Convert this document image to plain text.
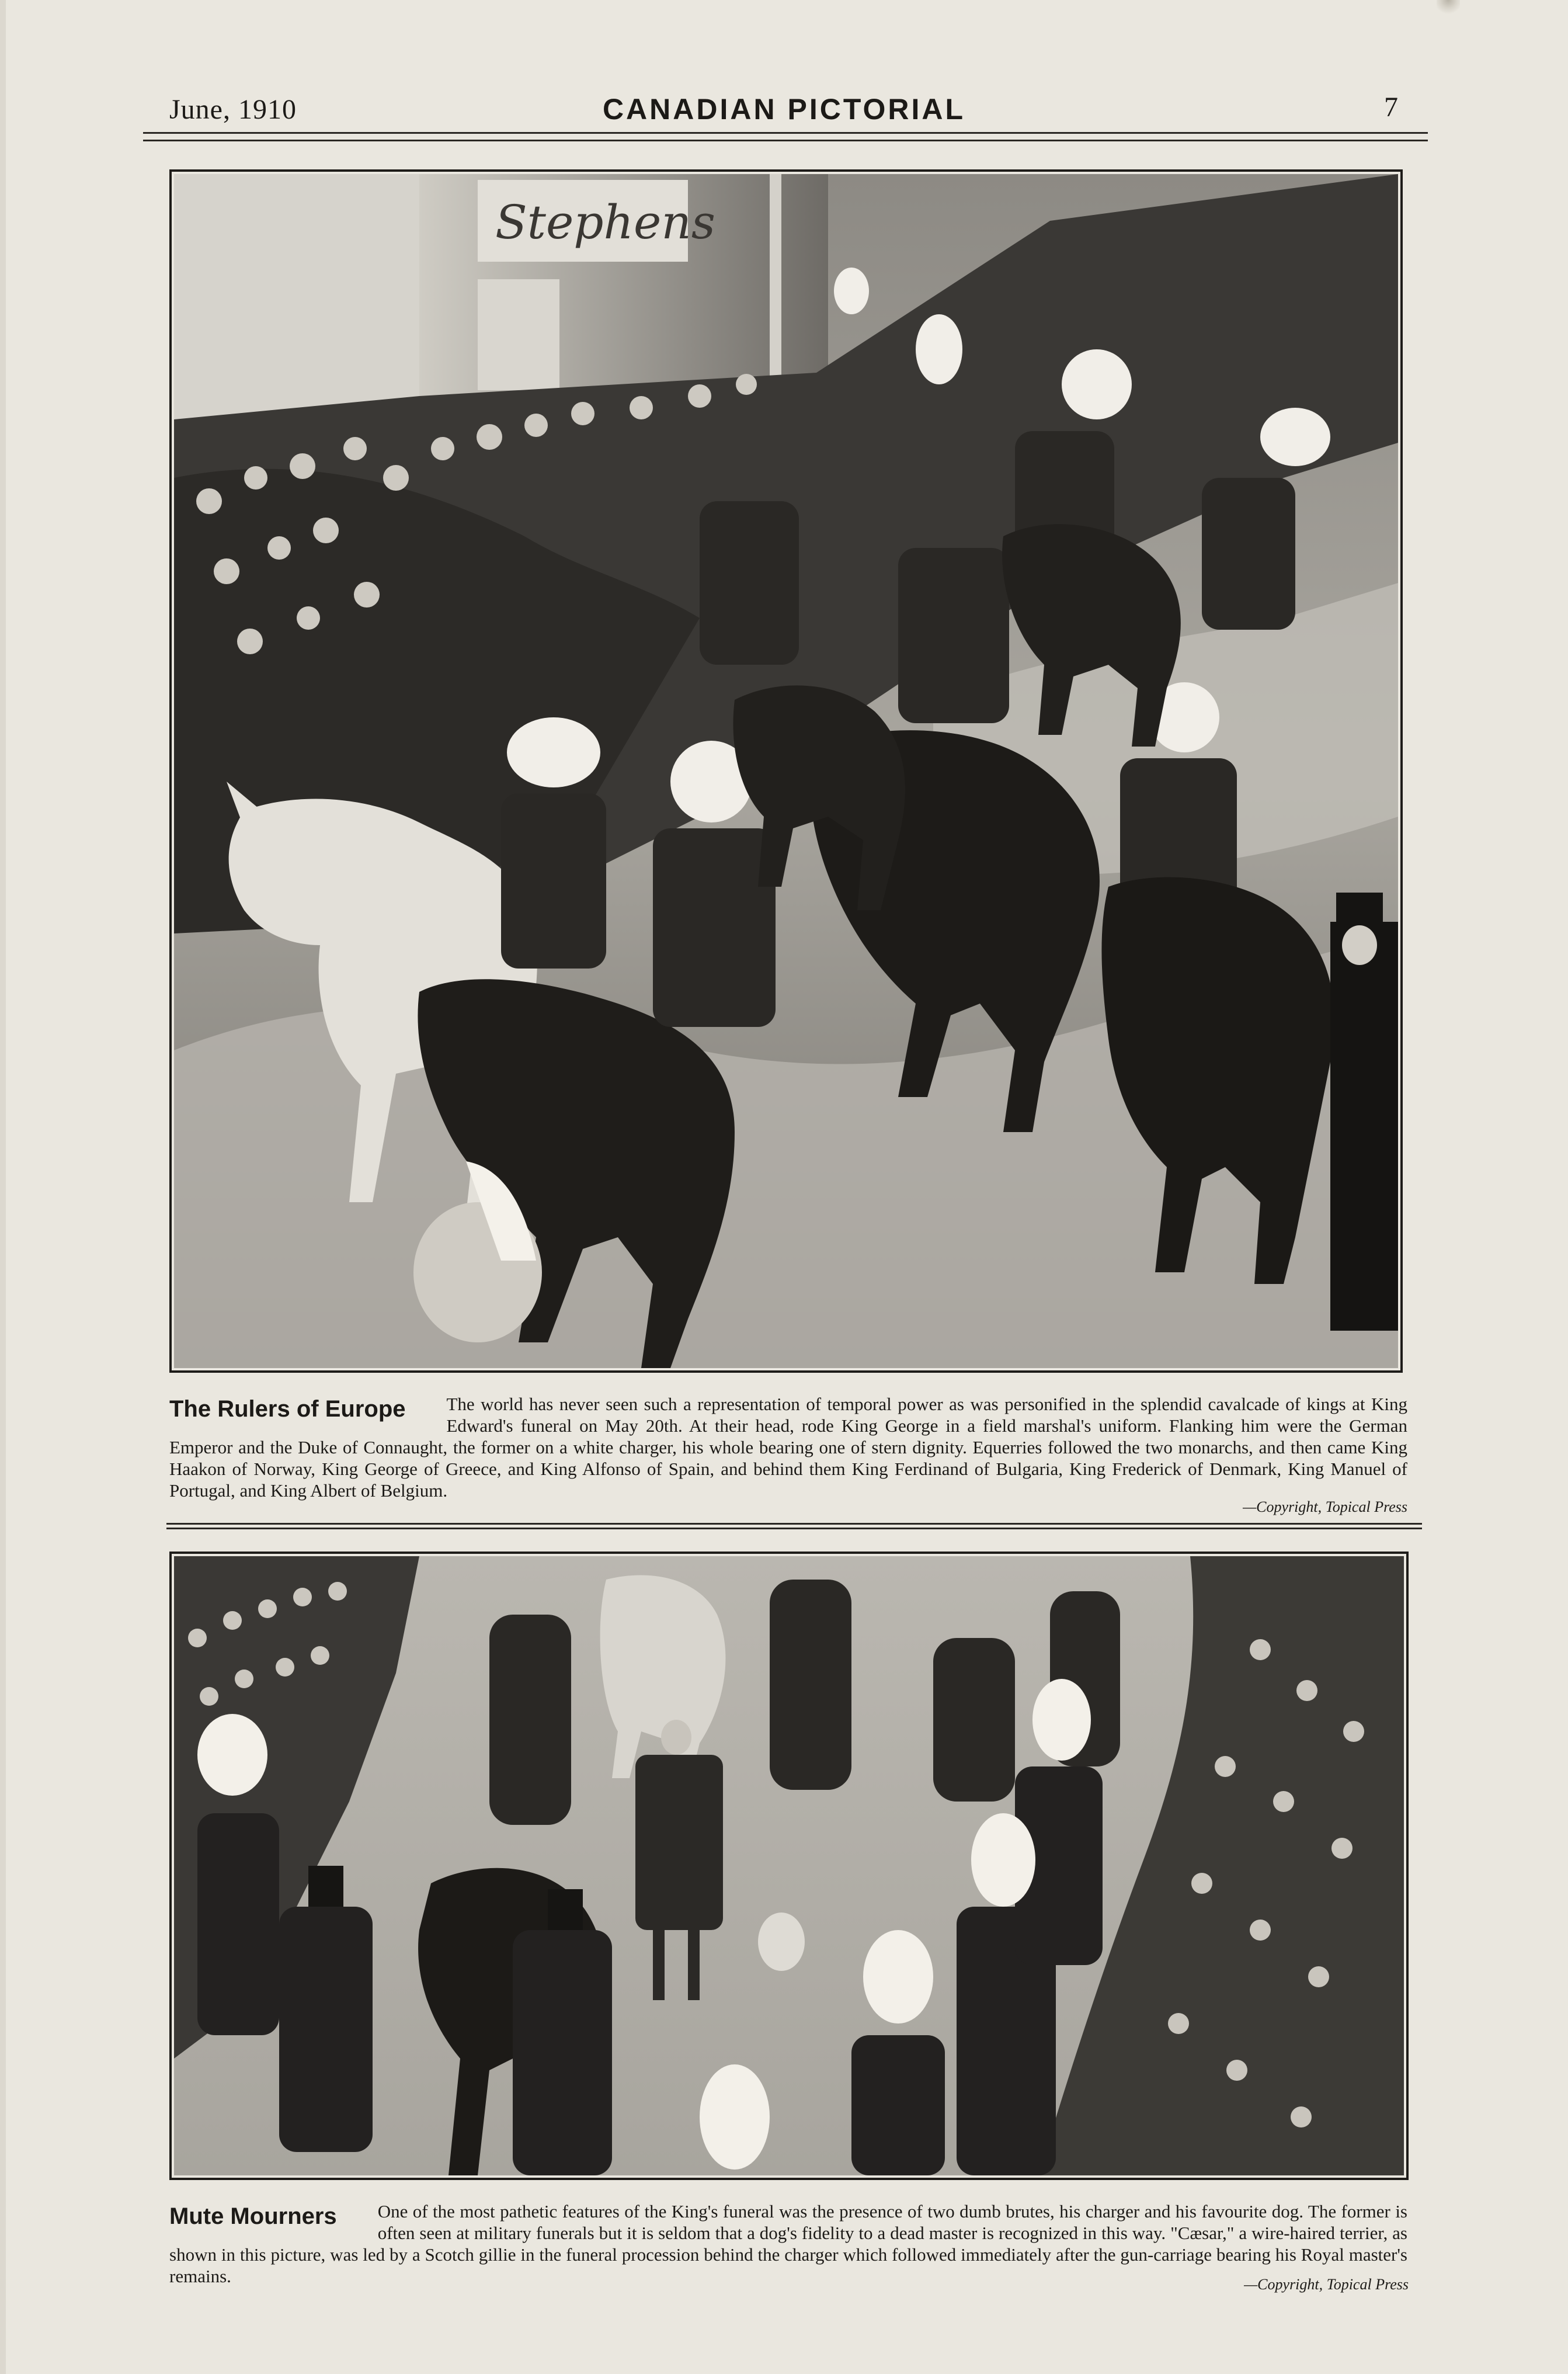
June, 1910	CANADIAN PICTORIAL	7
Stephens
The Rulers of Europe The world has never seen such a representation of temporal power as was personified in the splendid cavalcade of kings at King Edward's funeral on May 20th. At their head, rode King George in a field marshal's uniform. Flanking him were the German Emperor and the Duke of Connaught, the former on a white charger, his whole bearing one of stern dignity. Equerries followed the two monarchs, and then came King Haakon of Norway, King George of Greece, and King Alfonso of Spain, and behind them King Ferdinand of Bulgaria, King Frederick of Denmark, King Manuel of Portugal, and King Albert of Belgium.
—Copyright, Topical Press
Mute Mourners One of the most pathetic features of the King's funeral was the presence of two dumb brutes, his charger and his favourite dog. The former is often seen at military funerals but it is seldom that a dog's fidelity to a dead master is recognized in this way. "Cæsar," a wire-haired terrier, as shown in this picture, was led by a Scotch gillie in the funeral procession behind the charger which followed immediately after the gun-carriage bearing his Royal master's remains.	—Copyright, Topical Press
